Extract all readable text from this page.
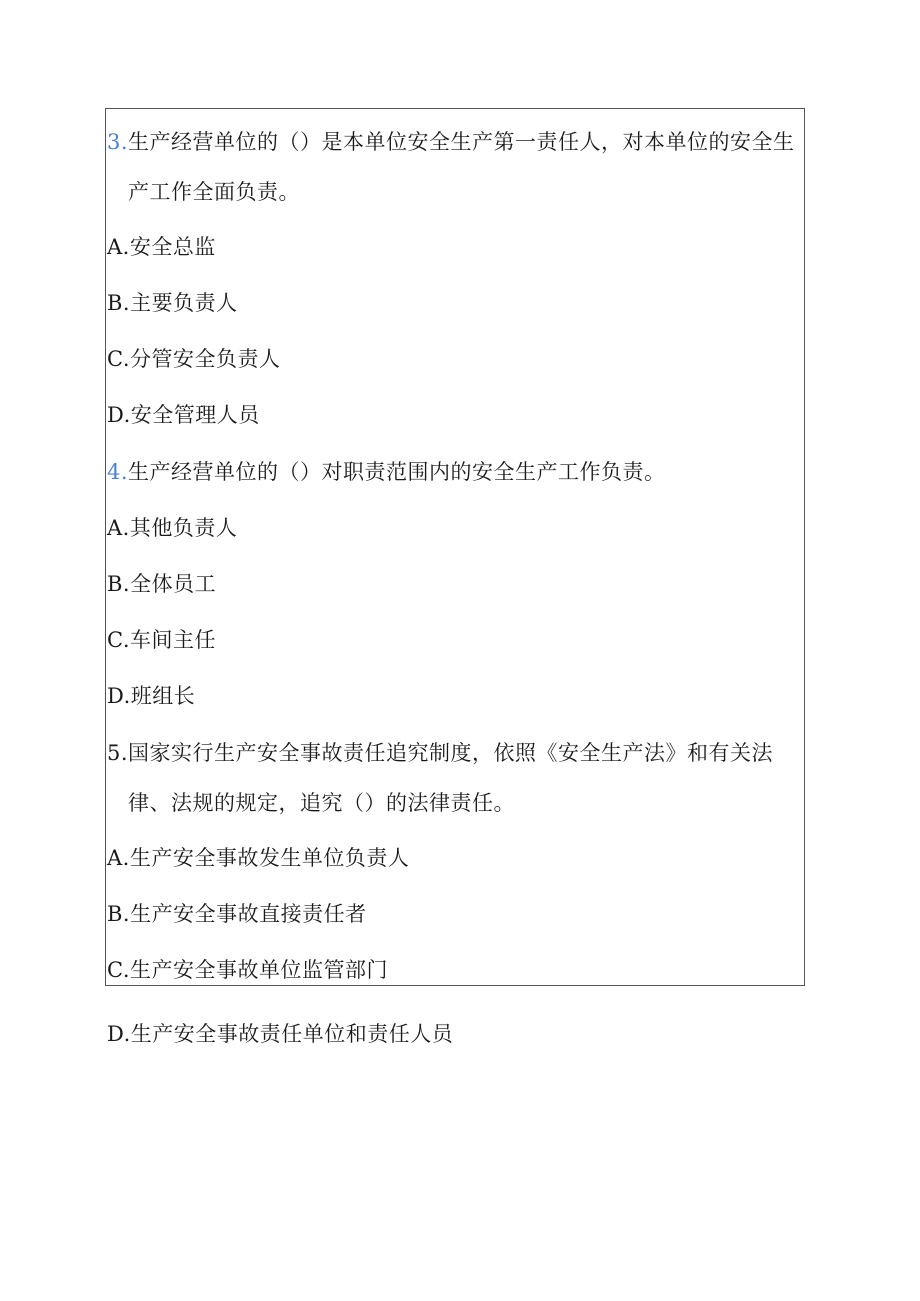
3.生产经营单位的（）是本单位安全生产第一责任人，对本单位的安全生
产工作全面负责。
A.安全总监
B.主要负责人
C.分管安全负责人
D.安全管理人员
4.生产经营单位的（）对职责范围内的安全生产工作负责。
A.其他负责人
B.全体员工
C.车间主任
D.班组长
5.国家实行生产安全事故责任追究制度，依照《安全生产法》和有关法
律、法规的规定，追究（）的法律责任。
A.生产安全事故发生单位负责人
B.生产安全事故直接责任者
C.生产安全事故单位监管部门
D.生产安全事故责任单位和责任人员
